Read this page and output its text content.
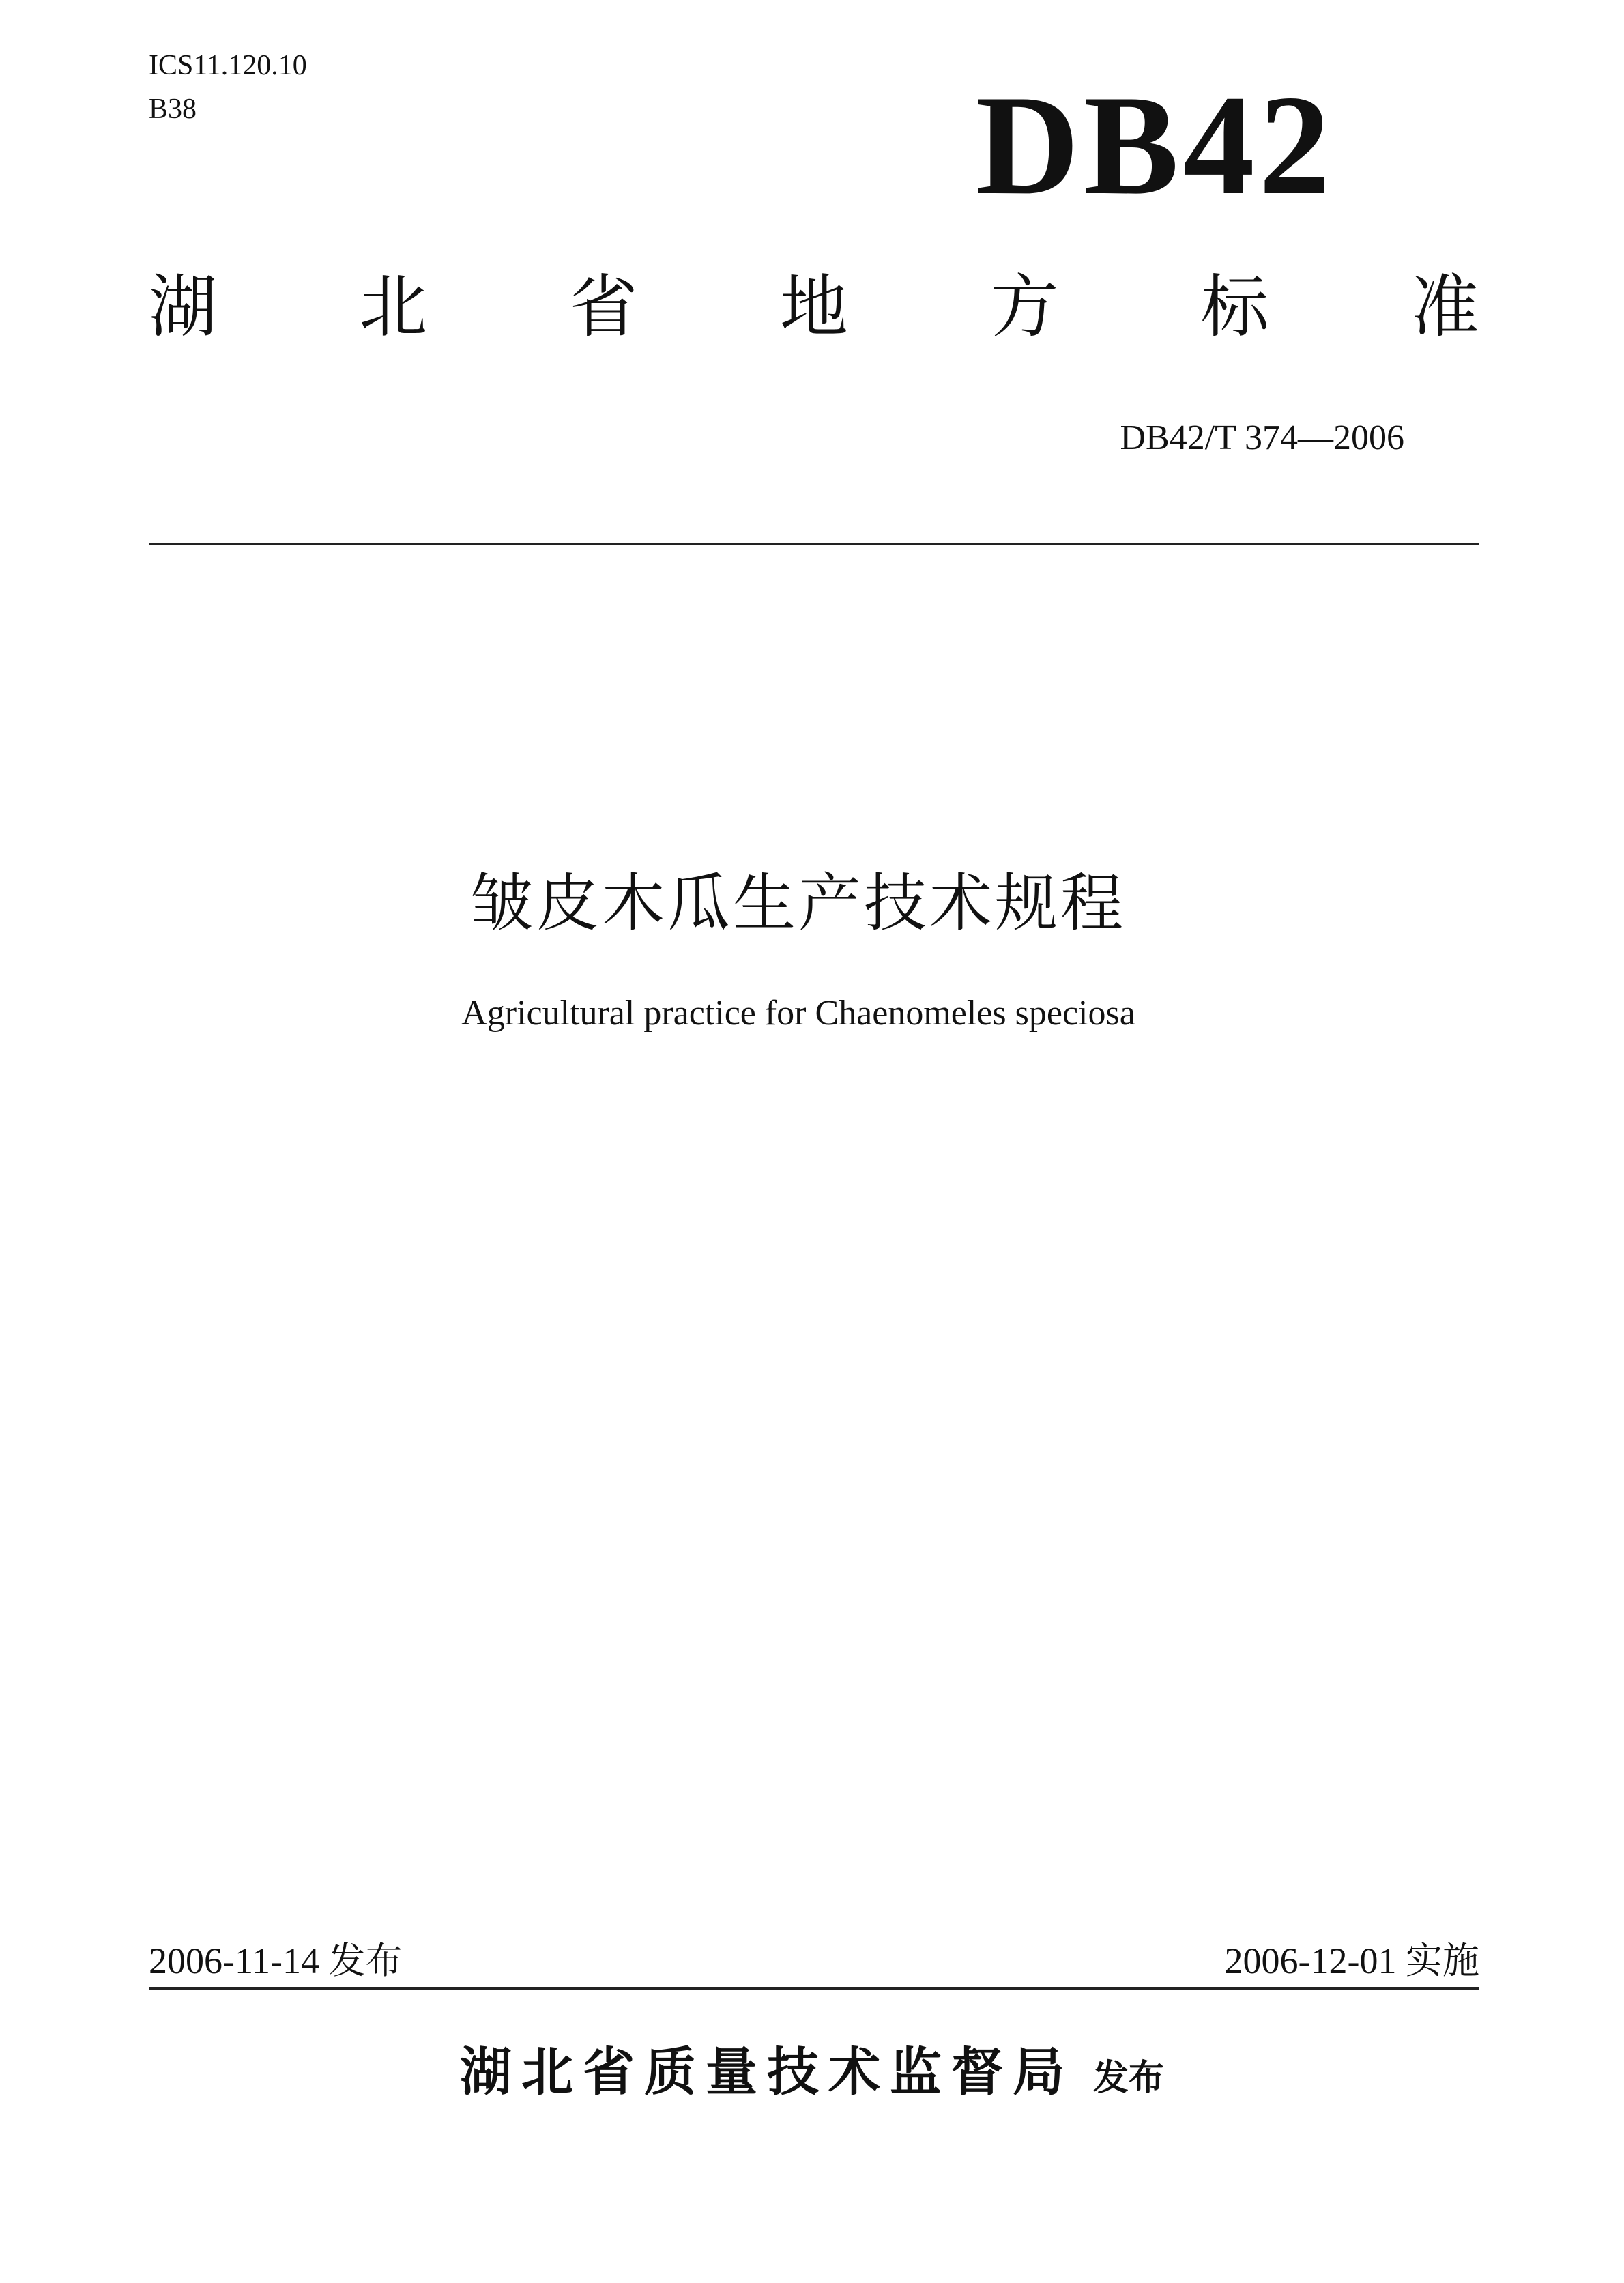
ICS11.120.10
B38	DB42
湖 北 省 地 方 标 准
DB42/T 374—2006
皱皮木瓜生产技术规程
Agricultural practice for Chaenomeles speciosa
2006-11-14 发布	2006-12-01 实施
湖北省质量技术监督局 发布
